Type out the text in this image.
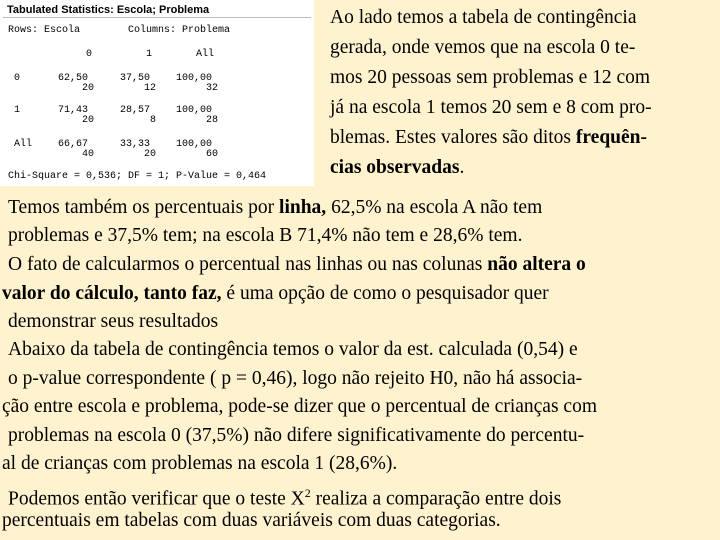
Tabulated Statistics: Escola; Problema
Rows: Escola	Columns: Problema
0	1	All
0	62,50	37,50	100,00
20	12	32
1	71,43	28,57	100,00
20	8	28
All	66,67	33,33	100,00
40	20	60
Chi-Square = 0,536; DF = 1; P-Value = 0,464
Ao lado temos a tabela de contingência
gerada, onde vemos que na escola 0 te-
mos 20 pessoas sem problemas e 12 com
já na escola 1 temos 20 sem e 8 com pro-
blemas. Estes valores são ditos frequên-
cias observadas.
Temos também os percentuais por linha, 62,5% na escola A não tem
problemas e 37,5% tem; na escola B 71,4% não tem e 28,6% tem.
O fato de calcularmos o percentual nas linhas ou nas colunas não altera o
valor do cálculo, tanto faz, é uma opção de como o pesquisador quer
demonstrar seus resultados
Abaixo da tabela de contingência temos o valor da est. calculada (0,54) e
o p-value correspondente ( p = 0,46), logo não rejeito H0, não há associa-
ção entre escola e problema, pode-se dizer que o percentual de crianças com
problemas na escola 0 (37,5%) não difere significativamente do percentu-
al de crianças com problemas na escola 1 (28,6%).
Podemos então verificar que o teste $X^2$ realiza a comparação entre dois
percentuais em tabelas com duas variáveis com duas categorias.
